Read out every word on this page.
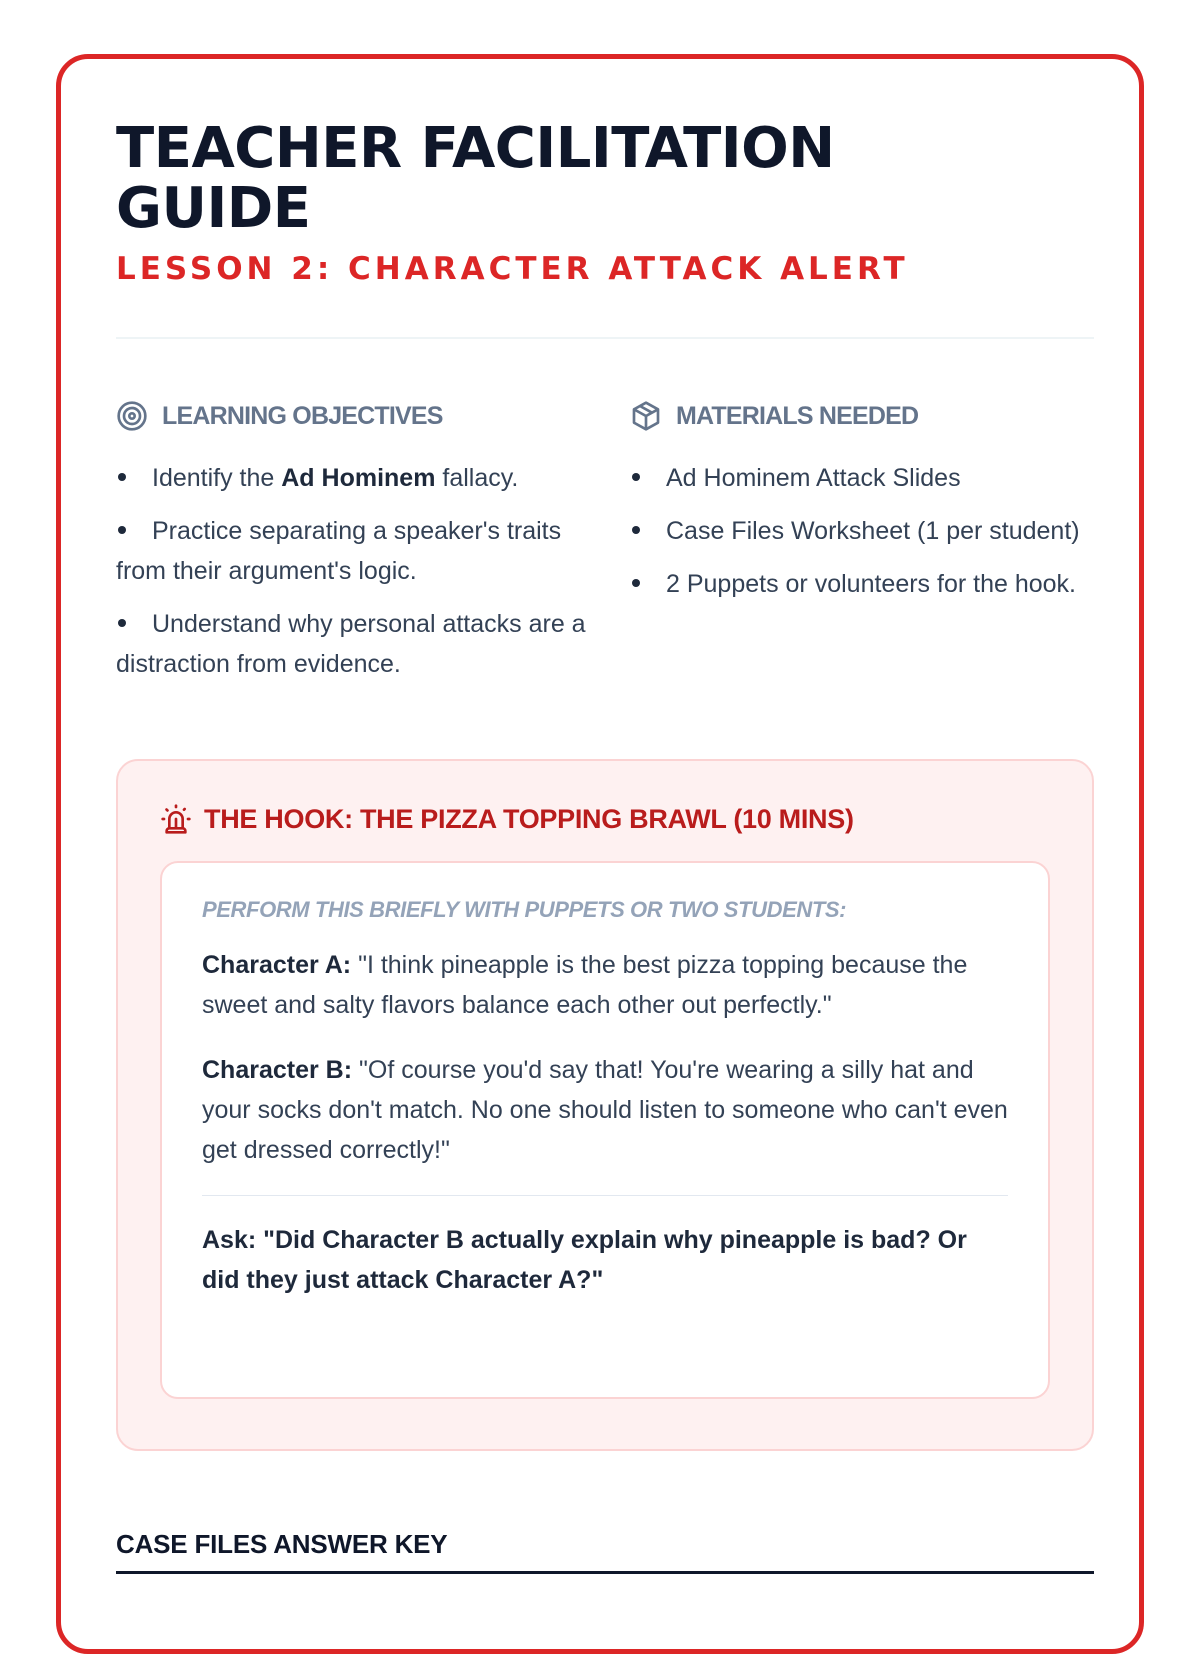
TEACHER FACILITATION GUIDE
LESSON 2: CHARACTER ATTACK ALERT
LEARNING OBJECTIVES
Identify the Ad Hominem fallacy.
Practice separating a speaker's traits from their argument's logic.
Understand why personal attacks are a distraction from evidence.
MATERIALS NEEDED
Ad Hominem Attack Slides
Case Files Worksheet (1 per student)
2 Puppets or volunteers for the hook.
THE HOOK: THE PIZZA TOPPING BRAWL (10 MINS)

PERFORM THIS BRIEFLY WITH PUPPETS OR TWO STUDENTS:

Character A: "I think pineapple is the best pizza topping because the sweet and salty flavors balance each other out perfectly."

Character B: "Of course you'd say that! You're wearing a silly hat and your socks don't match. No one should listen to someone who can't even get dressed correctly!"

Ask: "Did Character B actually explain why pineapple is bad? Or did they just attack Character A?"

CASE FILES ANSWER KEY
